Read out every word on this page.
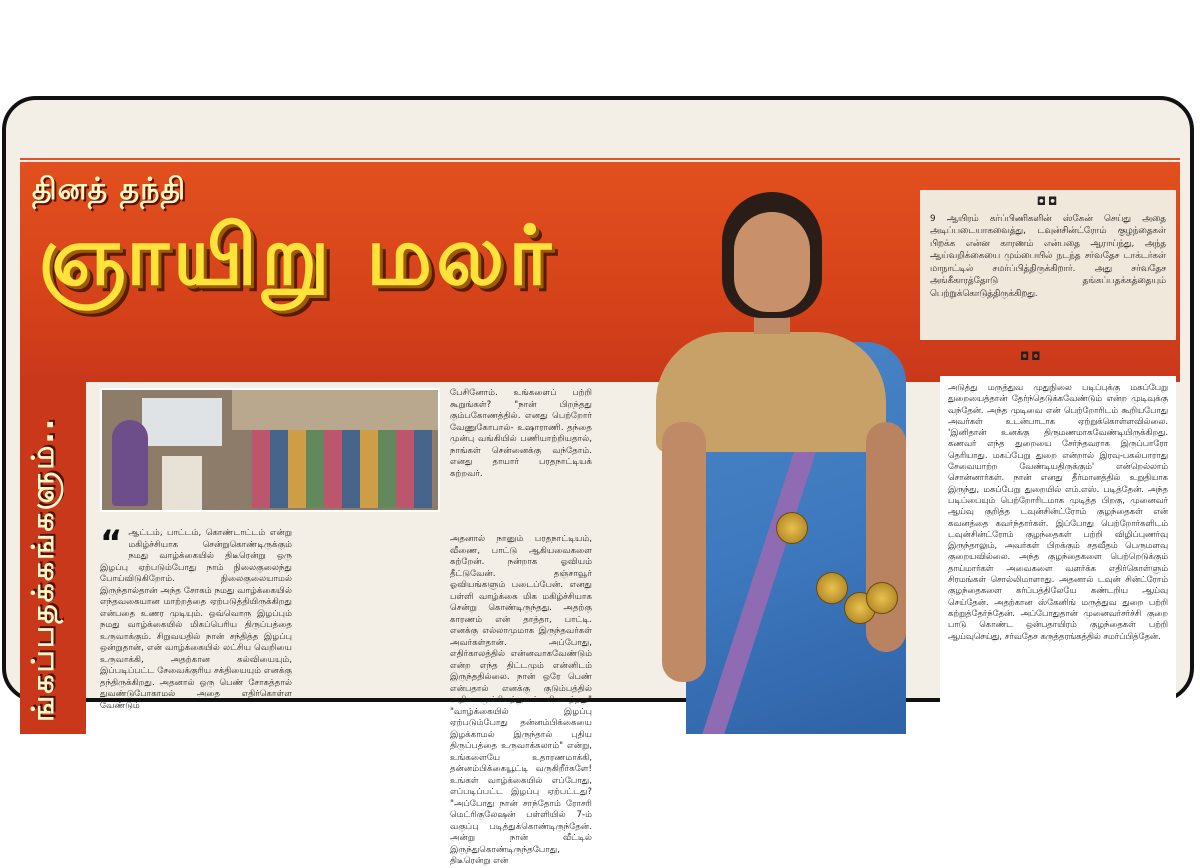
தினத் தந்தி
ஞாயிறு மலர்
ங்கப்பதக்கங்களும்..
பேசினோம். உங்களைப் பற்றி கூறுங்கள்? "நான் பிறந்தது கும்பகோணத்தில். எனது பெற்றோர் வேணுகோபால்- உஷாராணி. தந்தை முன்பு வங்கியில் பணியாற்றியதால், நாங்கள் சென்னைக்கு வந்தோம். எனது தாயார் பரதநாட்டியக் கற்றவர்.
“ ஆட்டம், பாட்டம், கொண்டாட்டம் என்று மகிழ்ச்சியாக சென்றுகொண்டிருக்கும் நமது வாழ்க்கையில் திடீரென்று ஒரு இழப்பு ஏற்படும்போது நாம் நிலைகுலைந்து போய்விடுகிறோம். நிலைகுலையாமல் இருந்தால்தான் அந்த சோகம் நமது வாழ்க்கையில் எந்தவகையான மாற்றத்தை ஏற்படுத்தியிருக்கிறது என்பதை உணர முடியும். ஒவ்வொரு இழப்பும் நமது வாழ்க்கையில் மிகப்பெரிய திருப்பத்தை உருவாக்கும். சிறுவயதில் நான் சந்தித்த இழப்பு ஒன்றுதான், என் வாழ்க்கையில் லட்சிய வெறியை உருவாக்கி, அதற்கான கல்வியையும், இப்படிப்பட்ட சேவைக்குரிய சக்தியையும் எனக்கு தந்திருக்கிறது. அதனால் ஒரு பெண் சோகத்தால் துவண்டுபோகாமல் அதை எதிர்கொள்ள வேண்டும்
அதனால் நானும் பரதநாட்டியம், வீணை, பாட்டு ஆகியவைகளை கற்றேன். நன்றாக ஓவியம் தீட்டுவேன். தஞ்சாவூர் ஓவியங்களும் படைப்பேன். எனது பள்ளி வாழ்க்கை மிக மகிழ்ச்சியாக சென்று கொண்டிருந்தது. அதற்கு காரணம் என் தாத்தா, பாட்டி. எனக்கு எல்லாமுமாக இருந்தவர்கள் அவர்கள்தான். அப்போது, எதிர்காலத்தில் என்னவாகவேண்டும் என்ற எந்த திட்டமும் என்னிடம் இருந்ததில்லை. நான் ஒரே பெண் என்பதால் எனக்கு குடும்பத்தில் அதிக முக்கியத்துவம் கிடைத்தது" "வாழ்க்கையில் இழப்பு ஏற்படும்போது தன்னம்பிக்கையை இழக்காமல் இருந்தால் புதிய திருப்பத்தை உருவாக்கலாம்" என்று, உங்களையே உதாரணமாக்கி, தன்னம்பிக்கையூட்டி வருகிறீர்களே! உங்கள் வாழ்க்கையில் எப்போது, எப்படிப்பட்ட இழப்பு ஏற்பட்டது? "அப்போது நான் சாந்தோம் ரோசரி மெட்ரிகுலேஷன் பள்ளியில் 7-ம் வகுப்பு படித்துக்கொண்டிருந்தேன். அன்று நான் வீட்டில் இருந்துகொண்டிருந்தபோது, திடீரென்று என்
◘◘
9 ஆயிரம் கர்ப்பிணிகளின் ஸ்கேன் செய்து அதை அடிப்படையாகவைத்து, டவுன்சின்ட்ரோம் குழந்தைகள் பிறக்க என்ன காரணம் என்பதை ஆராய்ந்து, அந்த ஆய்வறிக்கையை மும்பையில் நடந்த சர்வதேச டாக்டர்கள் மாநாட்டில் சமர்ப்பித்திருக்கிறார். அது சர்வதேச அங்கீகாரத்தோடு தங்கப்பதக்கத்தையும் பெற்றுக்கொடுத்திருக்கிறது.
◘◘
அடுத்து மருத்துவ முதுநிலை படிப்புக்கு மகப்பேறு துறையைத்தான் தேர்ந்தெடுக்கவேண்டும் என்ற முடிவுக்கு வந்தேன். அந்த முடிவை என் பெற்றோரிடம் கூறியபோது அவர்கள் உடன்பாடாக ஏற்றுக்கொள்ளவில்லை. 'இனிதான் உனக்கு திருமணமாகவேண்டியிருக்கிறது. கணவர் எந்த துறையை சேர்ந்தவராக இருப்பாரோ தெரியாது. மகப்பேறு துறை என்றால் இரவு-பகல்பாராது சேவையாற்ற வேண்டியதிருக்கும்' என்றெல்லாம் சொன்னார்கள். நான் எனது தீர்மானத்தில் உறுதியாக இருந்து, மகப்பேறு துறையில் எம்.எஸ். படித்தேன். அந்த படிப்பையும் பெற்றோரிடமாக முடித்த பிறகு, முனைவர் ஆய்வு குறித்த டவுன்சின்ட்ரோம் குழந்தைகள் என் கவனத்தை கவர்ந்தார்கள். இப்போது பெற்றோர்களிடம் டவுன்சின்ட்ரோம் குழந்தைகள் பற்றி விழிப்புணர்வு இருந்தாலும், அவர்கள் பிறக்கும் சதவீதம் பெருமளவு குறையவில்லை. அந்த குழந்தைகளை பெற்றெடுக்கும் தாய்மார்கள் அவைகளை வளர்க்க எதிர்கொள்ளும் சிரமங்கள் சொல்லிமாளாது. அதனால் டவுன் சின்ட்ரோம் குழந்தைகளை கர்ப்பத்திலேயே கண்டறிய ஆய்வு செய்தேன். அதற்கான ஸ்கேனிங் மருத்துவ துறை பற்றி கற்றுத்தேர்ந்தேன். அப்போதுதான் முனைவர்சர்ச்சி குறை பாடு கொண்ட ஒன்பதாயிரம் குழந்தைகள் பற்றி ஆய்வுசெய்து, சர்வதேச கருத்தரங்கத்தில் சமர்ப்பித்தேன்.
